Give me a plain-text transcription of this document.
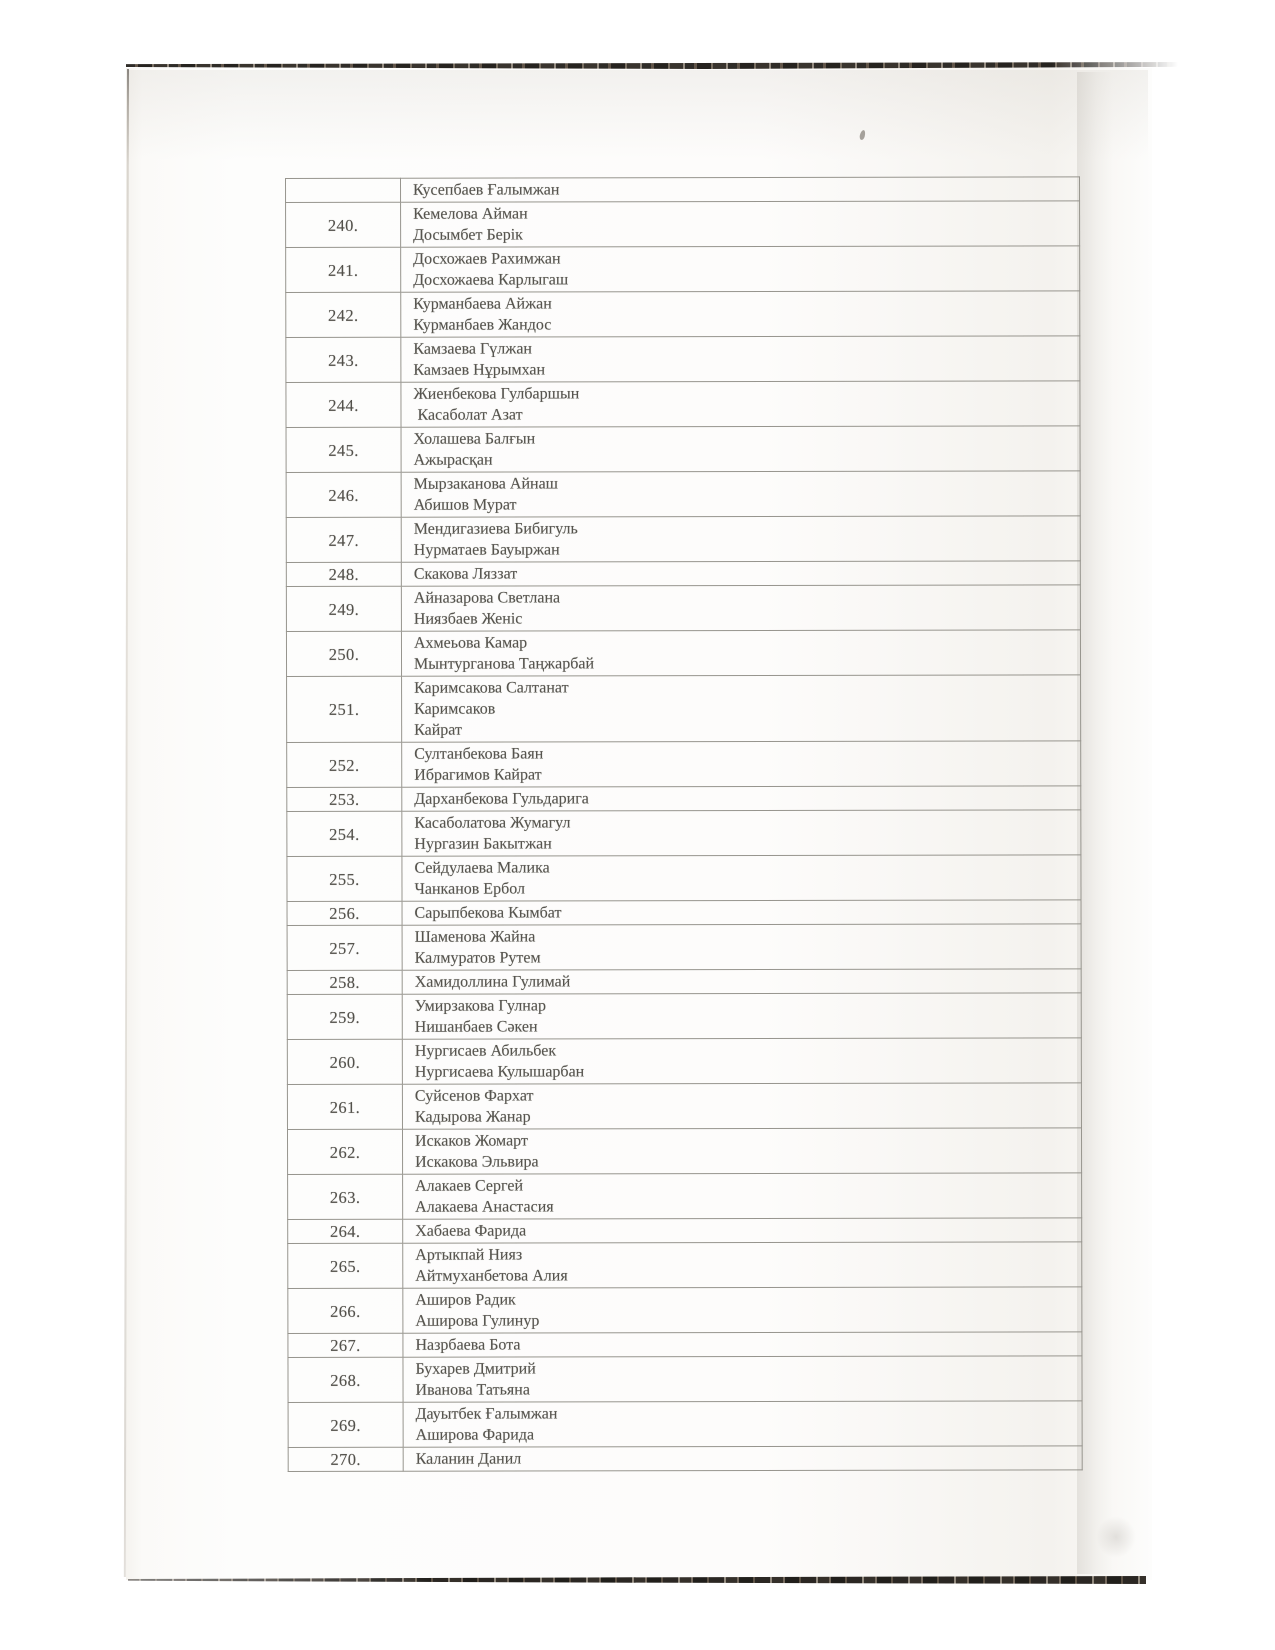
	Кусепбаев Ғалымжан

240.	Кемелова Айман
Досымбет Берік

241.	Досхожаев Рахимжан
Досхожаева Карлыгаш

242.	Курманбаева Айжан
Курманбаев Жандос

243.	Камзаева Гүлжан
Камзаев Нұрымхан

244.	Жиенбекова Гулбаршын
Касаболат Азат

245.	Холашева Балғын
Ажырасқан

246.	Мырзаканова Айнаш
Абишов Мурат

247.	Мендигазиева Бибигуль
Нурматаев Бауыржан

248.	Скакова Ляззат

249.	Айназарова Светлана
Ниязбаев Женіс

250.	Ахмеьова Камар
Мынтурганова Таңжарбай

251.	Каримсакова Салтанат
Каримсаков
Кайрат

252.	Султанбекова Баян
Ибрагимов Кайрат

253.	Дарханбекова Гульдарига

254.	Касаболатова Жумагул
Нургазин Бакытжан

255.	Сейдулаева Малика
Чанканов Ербол

256.	Сарыпбекова Кымбат

257.	Шаменова Жайна
Калмуратов Рутем

258.	Хамидоллина Гулимай

259.	Умирзакова Гулнар
Нишанбаев Сәкен

260.	Нургисаев Абильбек
Нургисаева Кулышарбан

261.	Суйсенов Фархат
Кадырова Жанар

262.	Искаков Жомарт
Искакова Эльвира

263.	Алакаев Сергей
Алакаева Анастасия

264.	Хабаева Фарида

265.	Артыкпай Нияз
Айтмуханбетова Алия

266.	Аширов Радик
Аширова Гулинур

267.	Назрбаева Бота

268.	Бухарев Дмитрий
Иванова Татьяна

269.	Дауытбек Ғалымжан
Аширова Фарида

270.	Каланин Данил
